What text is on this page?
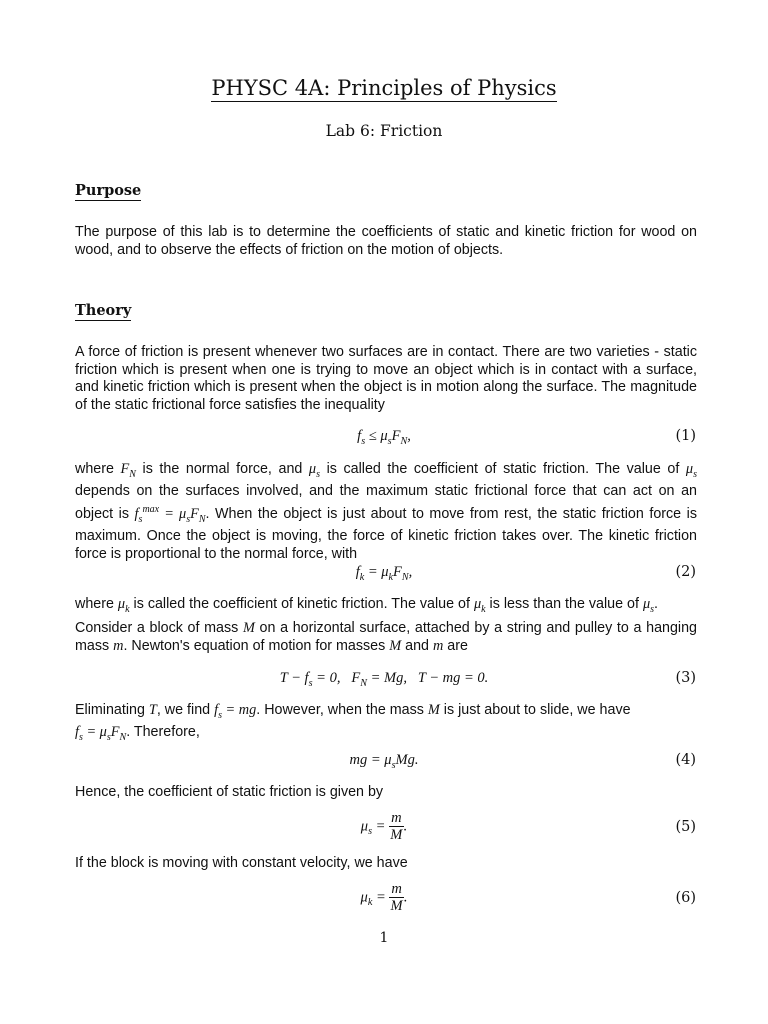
PHYSC 4A: Principles of Physics
Lab 6: Friction
Purpose
The purpose of this lab is to determine the coefficients of static and kinetic friction for wood on wood, and to observe the effects of friction on the motion of objects.
Theory
A force of friction is present whenever two surfaces are in contact. There are two varieties - static friction which is present when one is trying to move an object which is in contact with a surface, and kinetic friction which is present when the object is in motion along the surface. The magnitude of the static frictional force satisfies the inequality
$f_s \le \mu_sF_N$,	(1)
where $F_N$ is the normal force, and $\mu_s$ is called the coefficient of static friction. The value of $\mu_s$ depends on the surfaces involved, and the maximum static frictional force that can act on an object is $f_s^{max} = \mu_sF_N$. When the object is just about to move from rest, the static friction force is maximum. Once the object is moving, the force of kinetic friction takes over. The kinetic friction force is proportional to the normal force, with
$f_k = \mu_kF_N$,	(2)
where $\mu_k$ is called the coefficient of kinetic friction. The value of $\mu_k$ is less than the value of $\mu_s$.
Consider a block of mass M on a horizontal surface, attached by a string and pulley to a hanging mass m. Newton's equation of motion for masses M and m are
$T - f_s = 0$,   $F_N = Mg$,   T − mg = 0.	(3)
Eliminating T, we find $f_s$ = mg. However, when the mass M is just about to slide, we have
$f_s = \mu_sF_N$. Therefore,
mg = $\mu_sMg$.	(4)
Hence, the coefficient of static friction is given by
$\mu_s = \frac{m}{M}$ .	(5)
If the block is moving with constant velocity, we have
$\mu_k = \frac{m}{M}$ .	(6)
1
